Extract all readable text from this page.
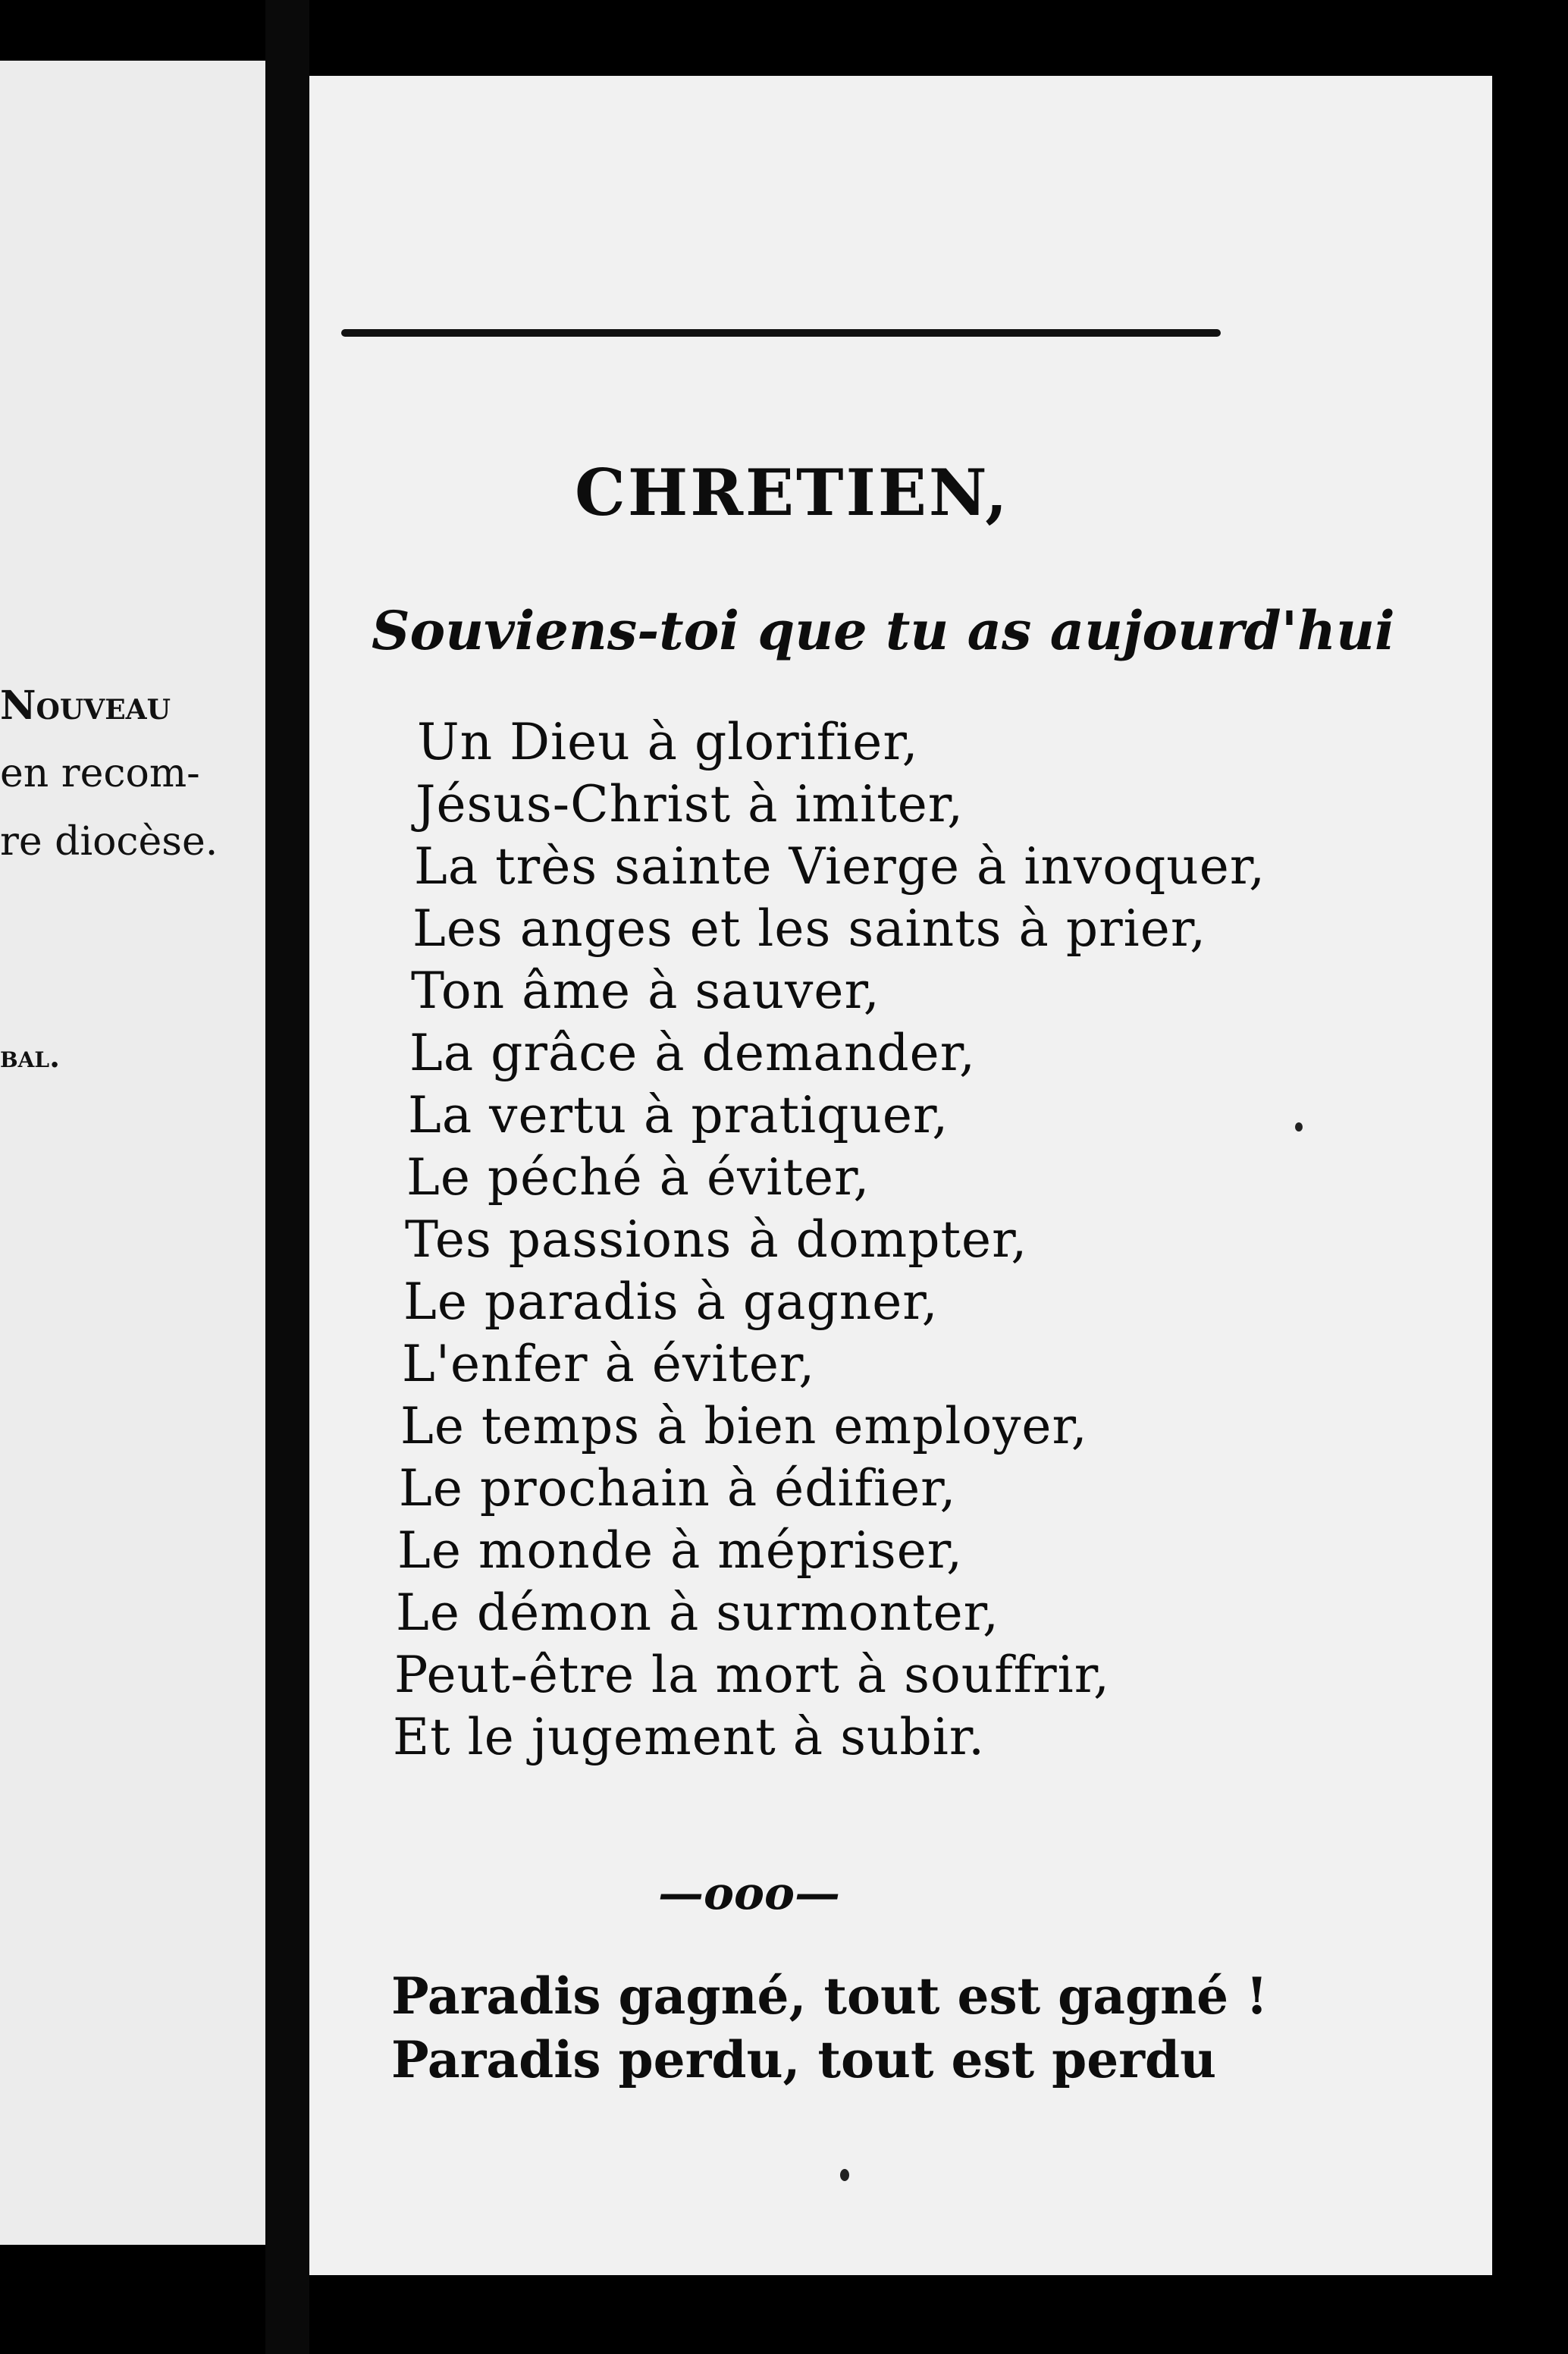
Nouveau
en recom-
re diocèse.
bal.
CHRETIEN,
Souviens-toi que tu as aujourd'hui
Un Dieu à glorifier,
Jésus-Christ à imiter,
La très sainte Vierge à invoquer,
Les anges et les saints à prier,
Ton âme à sauver,
La grâce à demander,
La vertu à pratiquer,
Le péché à éviter,
Tes passions à dompter,
Le paradis à gagner,
L'enfer à éviter,
Le temps à bien employer,
Le prochain à édifier,
Le monde à mépriser,
Le démon à surmonter,
Peut-être la mort à souffrir,
Et le jugement à subir.
—ooo—
Paradis gagné, tout est gagné !
Paradis perdu, tout est perdu
